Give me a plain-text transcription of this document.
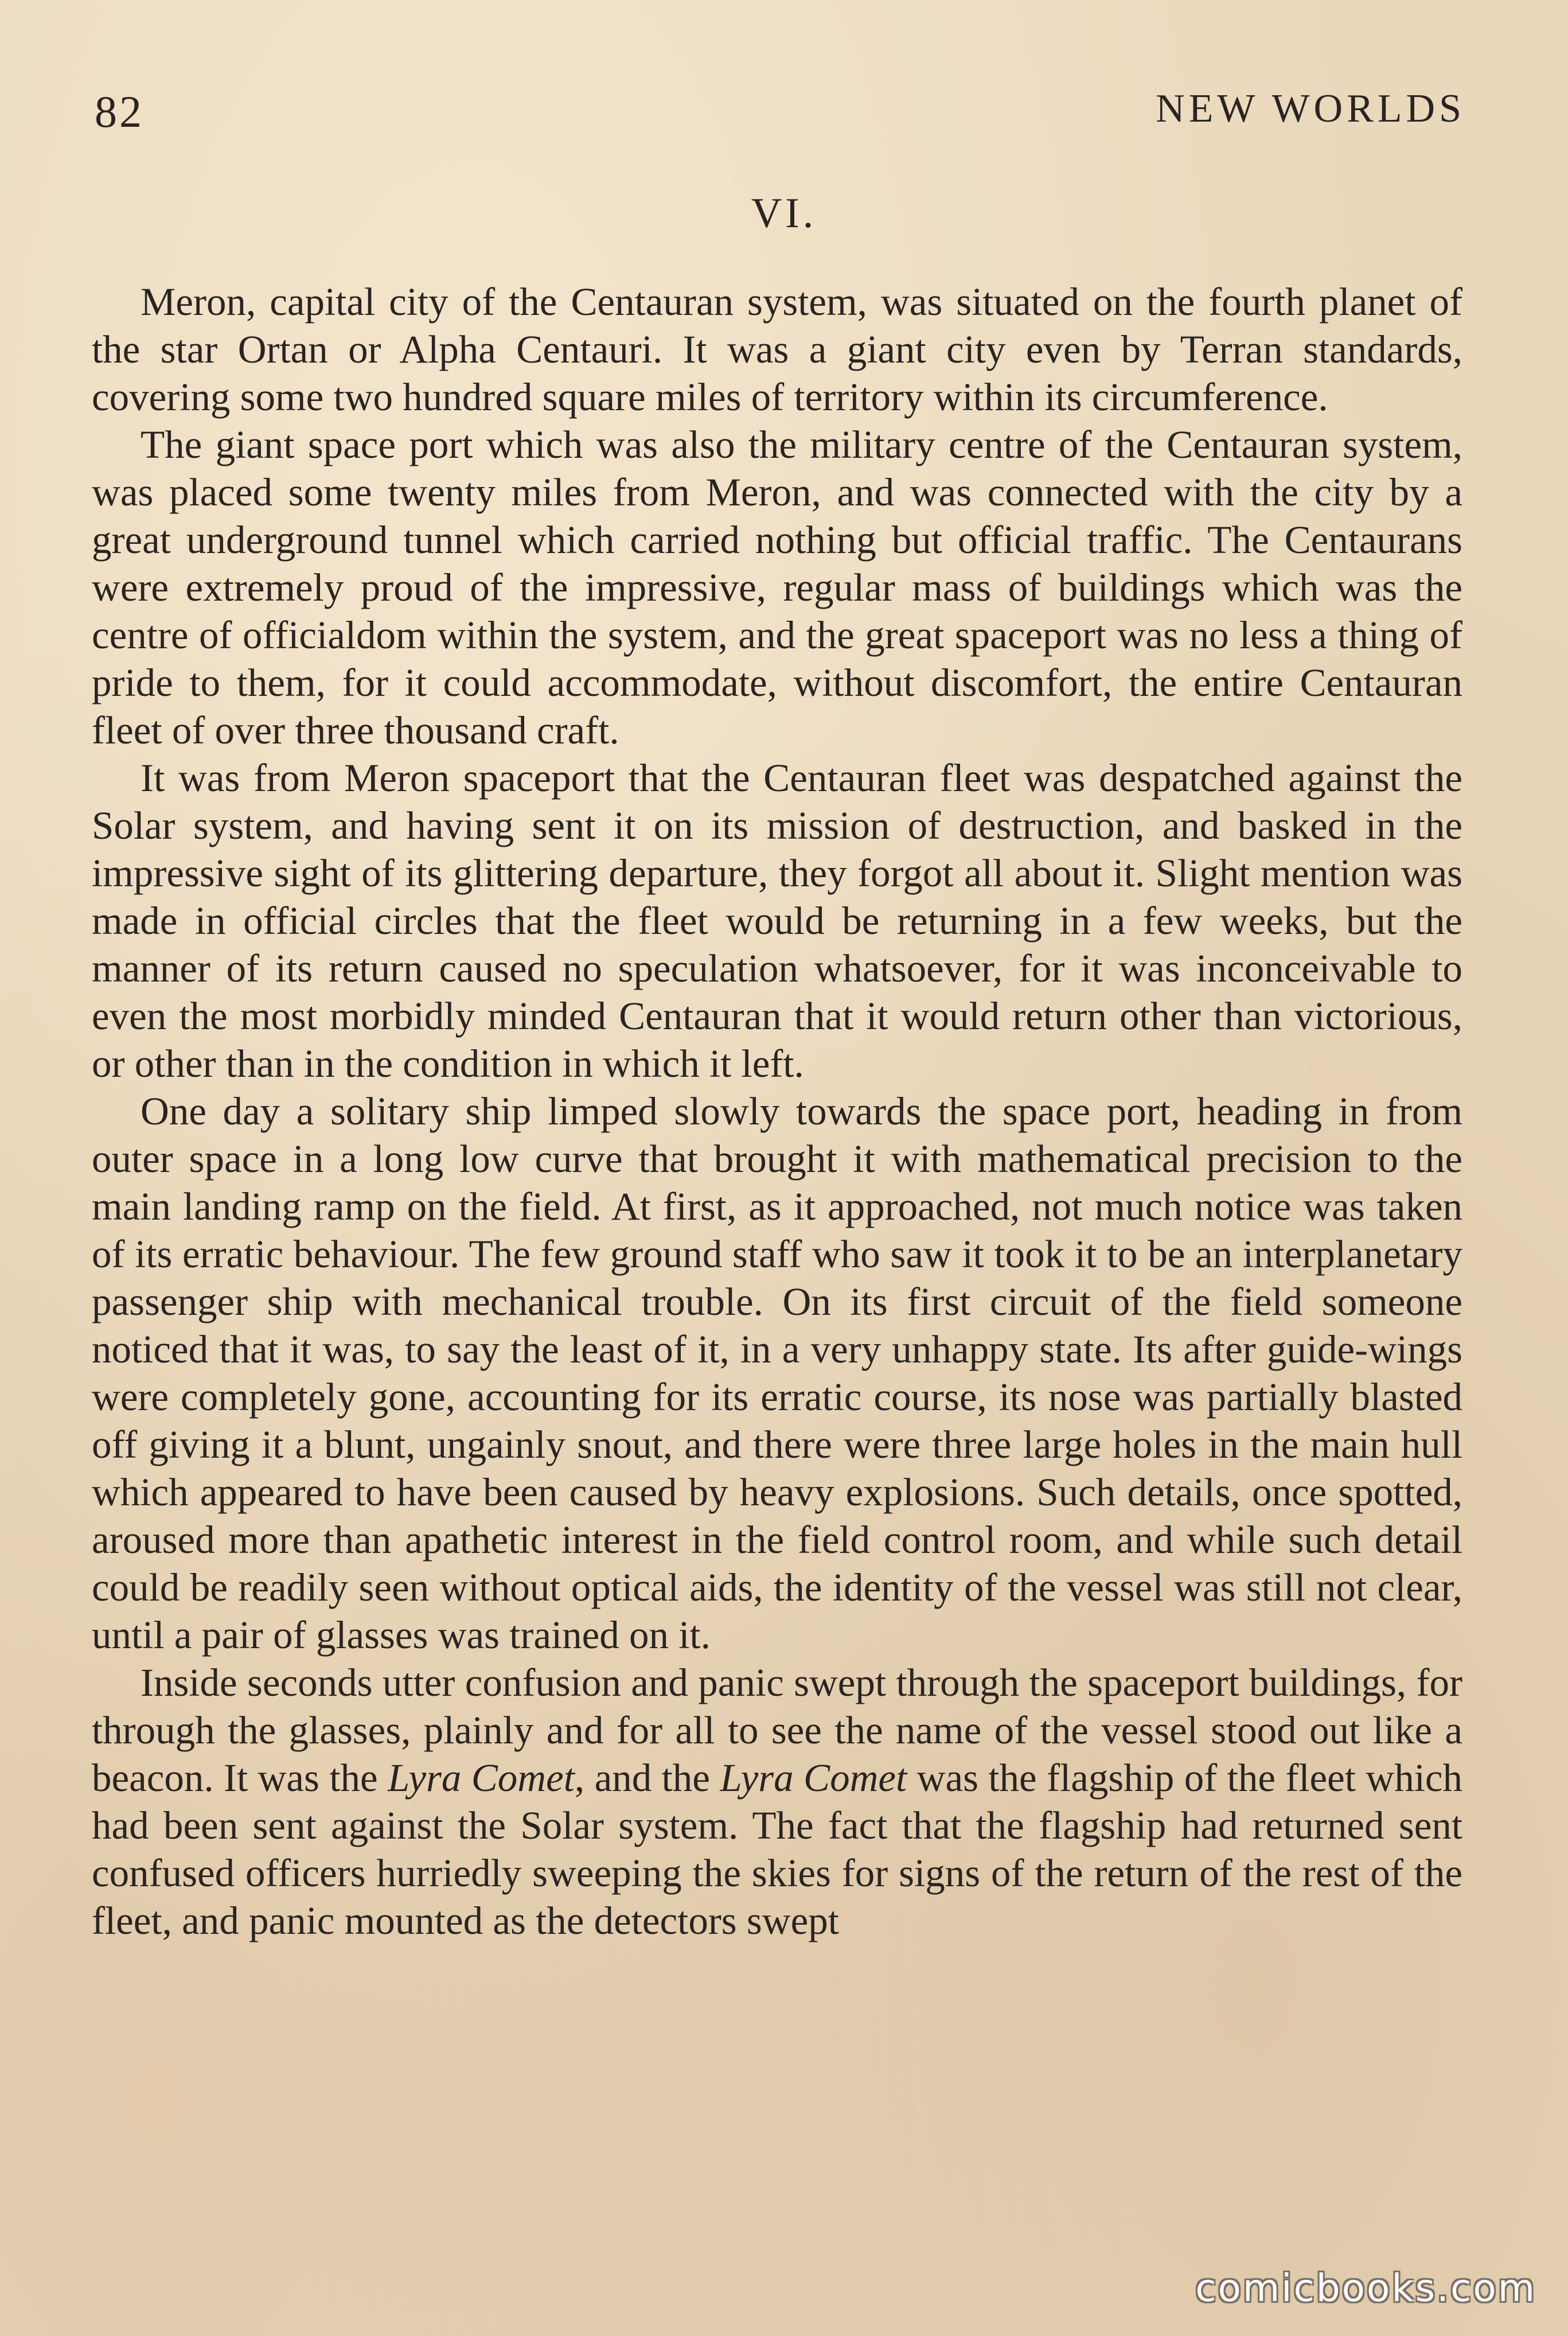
82	NEW WORLDS
VI.

Meron, capital city of the Centauran system, was situated on the fourth planet of the star Ortan or Alpha Centauri. It was a giant city even by Terran standards, covering some two hundred square miles of territory within its circumference.

The giant space port which was also the military centre of the Centauran system, was placed some twenty miles from Meron, and was connected with the city by a great underground tunnel which carried nothing but official traffic. The Centaurans were extremely proud of the impressive, regular mass of buildings which was the centre of officialdom within the system, and the great spaceport was no less a thing of pride to them, for it could accommodate, without discomfort, the entire Centauran fleet of over three thousand craft.

It was from Meron spaceport that the Centauran fleet was despatched against the Solar system, and having sent it on its mission of destruction, and basked in the impressive sight of its glittering departure, they forgot all about it. Slight mention was made in official circles that the fleet would be returning in a few weeks, but the manner of its return caused no speculation whatsoever, for it was inconceivable to even the most morbidly minded Centauran that it would return other than victorious, or other than in the condition in which it left.

One day a solitary ship limped slowly towards the space port, heading in from outer space in a long low curve that brought it with mathematical precision to the main landing ramp on the field. At first, as it approached, not much notice was taken of its erratic behaviour. The few ground staff who saw it took it to be an interplanetary passenger ship with mechanical trouble. On its first circuit of the field someone noticed that it was, to say the least of it, in a very unhappy state. Its after guide-wings were completely gone, accounting for its erratic course, its nose was partially blasted off giving it a blunt, ungainly snout, and there were three large holes in the main hull which appeared to have been caused by heavy explosions. Such details, once spotted, aroused more than apathetic interest in the field control room, and while such detail could be readily seen without optical aids, the identity of the vessel was still not clear, until a pair of glasses was trained on it.

Inside seconds utter confusion and panic swept through the spaceport buildings, for through the glasses, plainly and for all to see the name of the vessel stood out like a beacon. It was the Lyra Comet, and the Lyra Comet was the flagship of the fleet which had been sent against the Solar system. The fact that the flagship had returned sent confused officers hurriedly sweeping the skies for signs of the return of the rest of the fleet, and panic mounted as the detectors swept

comicbooks.com
